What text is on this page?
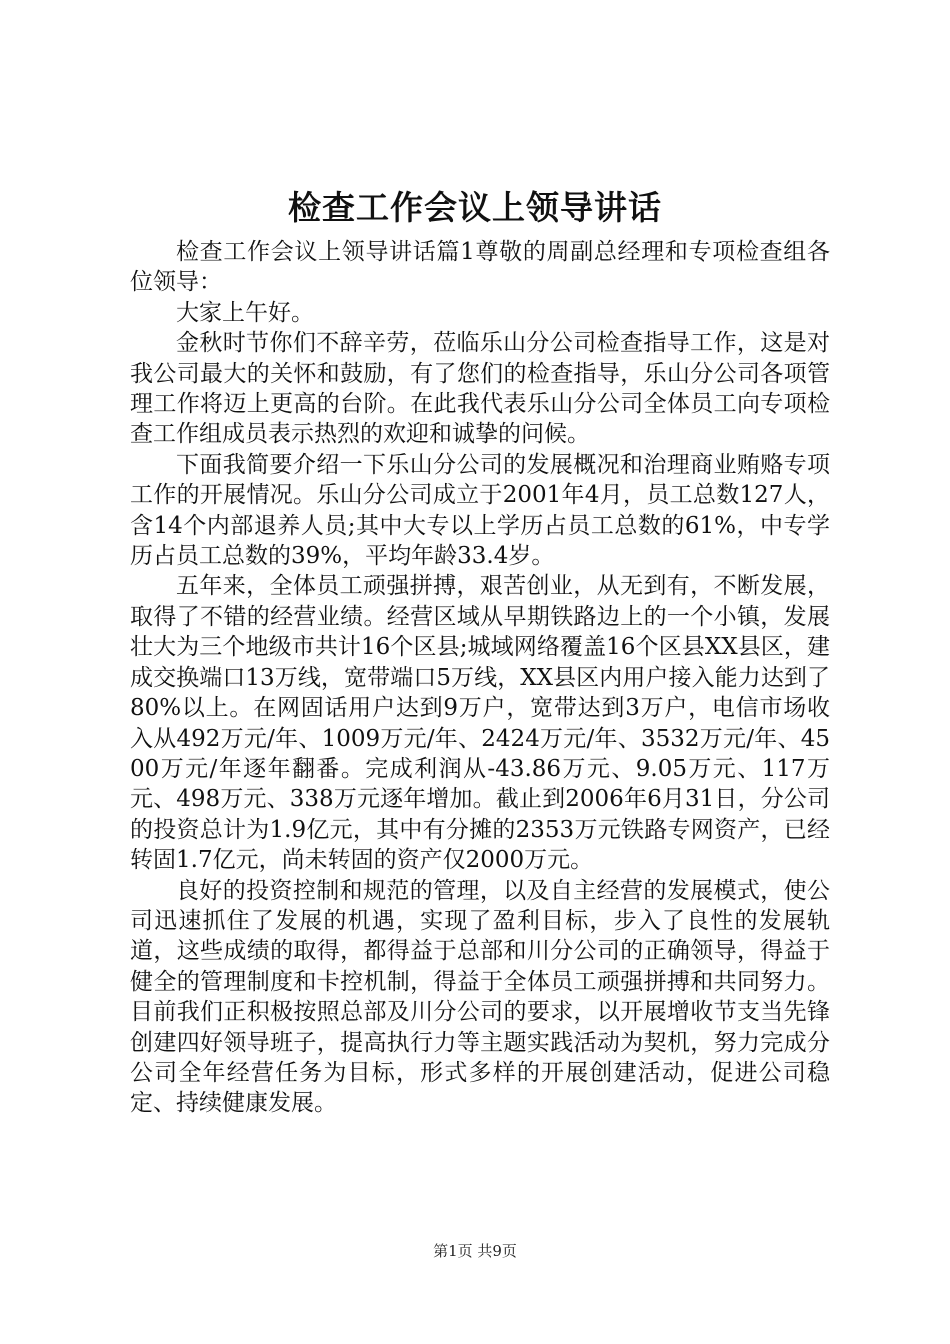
检查工作会议上领导讲话

检查工作会议上领导讲话篇1尊敬的周副总经理和专项检查组各位领导：

大家上午好。

金秋时节你们不辞辛劳，莅临乐山分公司检查指导工作，这是对我公司最大的关怀和鼓励，有了您们的检查指导，乐山分公司各项管理工作将迈上更高的台阶。在此我代表乐山分公司全体员工向专项检查工作组成员表示热烈的欢迎和诚挚的问候。

下面我简要介绍一下乐山分公司的发展概况和治理商业贿赂专项工作的开展情况。乐山分公司成立于2001年4月，员工总数127人，含14个内部退养人员;其中大专以上学历占员工总数的61%，中专学历占员工总数的39%，平均年龄33.4岁。

五年来，全体员工顽强拼搏，艰苦创业，从无到有，不断发展，取得了不错的经营业绩。经营区域从早期铁路边上的一个小镇，发展壮大为三个地级市共计16个区县;城域网络覆盖16个区县XX县区，建成交换端口13万线，宽带端口5万线，XX县区内用户接入能力达到了80%以上。在网固话用户达到9万户，宽带达到3万户，电信市场收入从492万元/年、1009万元/年、2424万元/年、3532万元/年、4500万元/年逐年翻番。完成利润从-43.86万元、9.05万元、117万元、498万元、338万元逐年增加。截止到2006年6月31日，分公司的投资总计为1.9亿元，其中有分摊的2353万元铁路专网资产，已经转固1.7亿元，尚未转固的资产仅2000万元。

良好的投资控制和规范的管理，以及自主经营的发展模式，使公司迅速抓住了发展的机遇，实现了盈利目标，步入了良性的发展轨道，这些成绩的取得，都得益于总部和川分公司的正确领导，得益于健全的管理制度和卡控机制，得益于全体员工顽强拼搏和共同努力。目前我们正积极按照总部及川分公司的要求，以开展增收节支当先锋创建四好领导班子，提高执行力等主题实践活动为契机，努力完成分公司全年经营任务为目标，形式多样的开展创建活动，促进公司稳定、持续健康发展。

第1页 共9页
